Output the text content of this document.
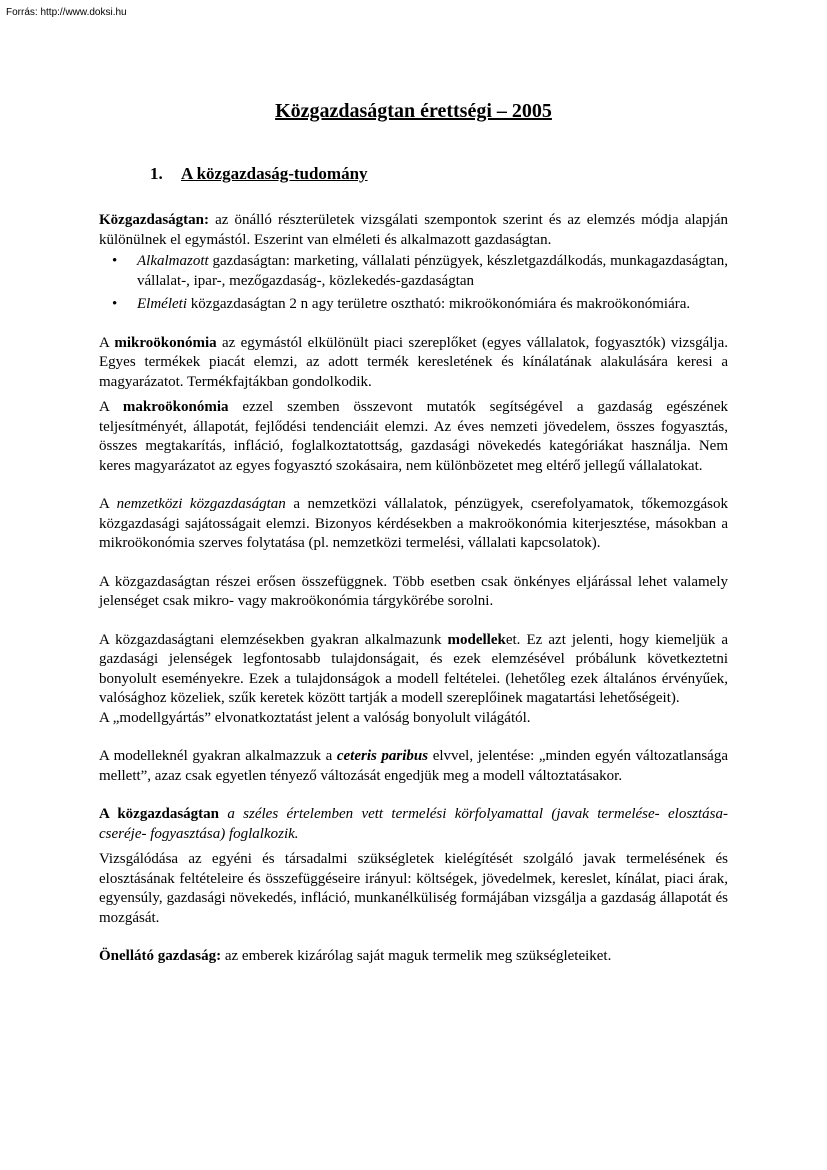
Forrás: http://www.doksi.hu
Közgazdaságtan érettségi – 2005
1. A közgazdaság-tudomány

Közgazdaságtan: az önálló részterületek vizsgálati szempontok szerint és az elemzés módja alapján különülnek el egymástól. Eszerint van elméleti és alkalmazott gazdaságtan.

• Alkalmazott gazdaságtan: marketing, vállalati pénzügyek, készletgazdálkodás, munkagazdaságtan, vállalat-, ipar-, mezőgazdaság-, közlekedés-gazdaságtan
• Elméleti közgazdaságtan 2 n agy területre osztható: mikroökonómiára és makroökonómiára.

A mikroökonómia az egymástól elkülönült piaci szereplőket (egyes vállalatok, fogyasztók) vizsgálja. Egyes termékek piacát elemzi, az adott termék keresletének és kínálatának alakulására keresi a magyarázatot. Termékfajtákban gondolkodik.

A makroökonómia ezzel szemben összevont mutatók segítségével a gazdaság egészének teljesítményét, állapotát, fejlődési tendenciáit elemzi. Az éves nemzeti jövedelem, összes fogyasztás, összes megtakarítás, infláció, foglalkoztatottság, gazdasági növekedés kategóriákat használja. Nem keres magyarázatot az egyes fogyasztó szokásaira, nem különbözetet meg eltérő jellegű vállalatokat.

A nemzetközi közgazdaságtan a nemzetközi vállalatok, pénzügyek, cserefolyamatok, tőkemozgások közgazdasági sajátosságait elemzi. Bizonyos kérdésekben a makroökonómia kiterjesztése, másokban a mikroökonómia szerves folytatása (pl. nemzetközi termelési, vállalati kapcsolatok).

A közgazdaságtan részei erősen összefüggnek. Több esetben csak önkényes eljárással lehet valamely jelenséget csak mikro- vagy makroökonómia tárgykörébe sorolni.

A közgazdaságtani elemzésekben gyakran alkalmazunk modelleket. Ez azt jelenti, hogy kiemeljük a gazdasági jelenségek legfontosabb tulajdonságait, és ezek elemzésével próbálunk következtetni bonyolult eseményekre. Ezek a tulajdonságok a modell feltételei. (lehetőleg ezek általános érvényűek, valósághoz közeliek, szűk keretek között tartják a modell szereplőinek magatartási lehetőségeit).

A „modellgyártás” elvonatkoztatást jelent a valóság bonyolult világától.

A modelleknél gyakran alkalmazzuk a ceteris paribus elvvel, jelentése: „minden egyén változatlansága mellett”, azaz csak egyetlen tényező változását engedjük meg a modell változtatásakor.

A közgazdaságtan a széles értelemben vett termelési körfolyamattal (javak termelése- elosztása- cseréje- fogyasztása) foglalkozik.

Vizsgálódása az egyéni és társadalmi szükségletek kielégítését szolgáló javak termelésének és elosztásának feltételeire és összefüggéseire irányul: költségek, jövedelmek, kereslet, kínálat, piaci árak, egyensúly, gazdasági növekedés, infláció, munkanélküliség formájában vizsgálja a gazdaság állapotát és mozgását.

Önellátó gazdaság: az emberek kizárólag saját maguk termelik meg szükségleteiket.
